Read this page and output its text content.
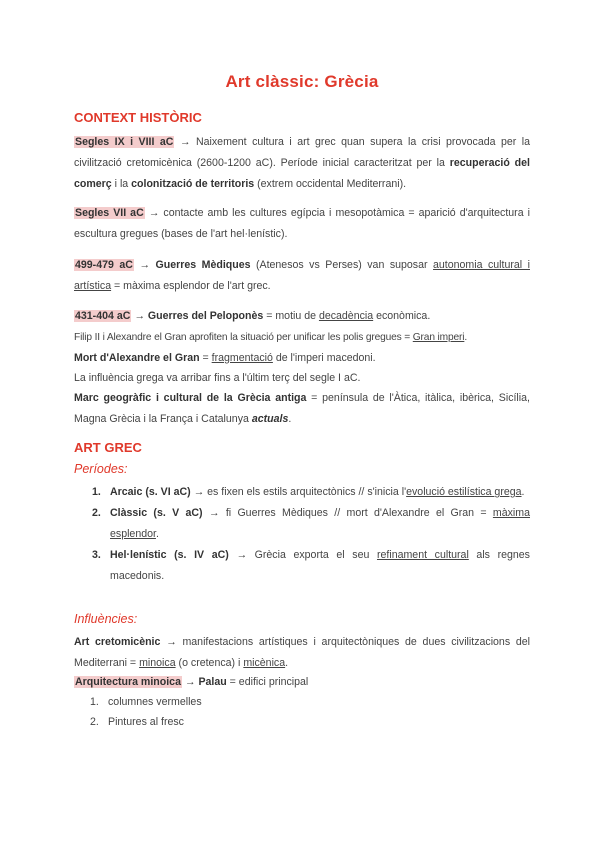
Art clàssic: Grècia
CONTEXT HISTÒRIC
Segles IX i VIII aC → Naixement cultura i art grec quan supera la crisi provocada per la civilització cretomicènica (2600-1200 aC). Període inicial caracteritzat per la recuperació del comerç i la colonització de territoris (extrem occidental Mediterrani).
Segles VII aC → contacte amb les cultures egípcia i mesopotàmica = aparició d'arquitectura i escultura gregues (bases de l'art hel·lenístic).
499-479 aC → Guerres Mèdiques (Atenesos vs Perses) van suposar autonomia cultural i artística = màxima esplendor de l'art grec.
431-404 aC → Guerres del Peloponès = motiu de decadència econòmica.
Filip II i Alexandre el Gran aprofiten la situació per unificar les polis gregues = Gran imperi.
Mort d'Alexandre el Gran = fragmentació de l'imperi macedoni.
La influència grega va arribar fins a l'últim terç del segle I aC.
Marc geogràfic i cultural de la Grècia antiga = península de l'Àtica, itàlica, ibèrica, Sicília, Magna Grècia i la França i Catalunya actuals.
ART GREC
Períodes:
1. Arcaic (s. VI aC) → es fixen els estils arquitectònics // s'inicia l'evolució estilística grega.
2. Clàssic (s. V aC) → fi Guerres Mèdiques // mort d'Alexandre el Gran = màxima esplendor.
3. Hel·lenístic (s. IV aC) → Grècia exporta el seu refinament cultural als regnes macedonis.
Influències:
Art cretomicènic → manifestacions artístiques i arquitectòniques de dues civilitzacions del Mediterrani = minoica (o cretenca) i micènica.
Arquitectura minoica → Palau = edifici principal
1. columnes vermelles
2. Pintures al fresc
